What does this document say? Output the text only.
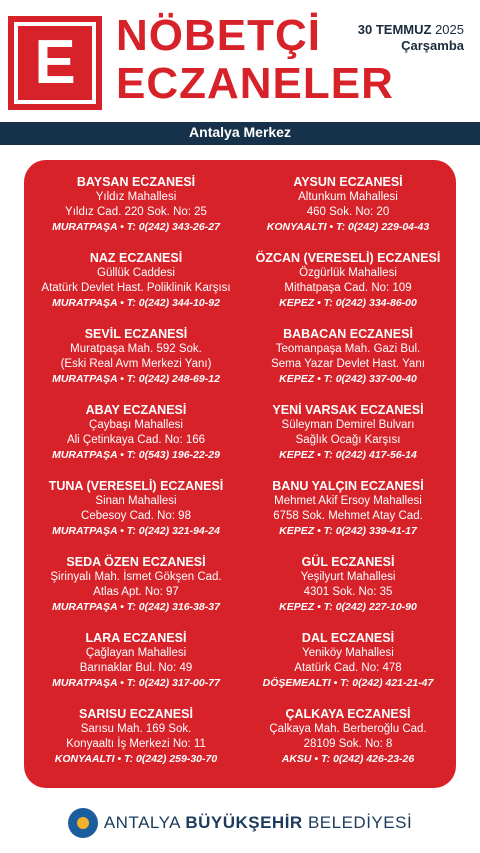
E NÖBETÇİ
ECZANELER
30 TEMMUZ 2025
Çarşamba
Antalya Merkez
BAYSAN ECZANESİ
Yıldız Mahallesi
Yıldız Cad. 220 Sok. No: 25
MURATPAŞA • T: 0(242) 343-26-27
NAZ ECZANESİ
Güllük Caddesi
Atatürk Devlet Hast. Poliklinik Karşısı
MURATPAŞA • T: 0(242) 344-10-92
SEVİL ECZANESİ
Muratpaşa Mah. 592 Sok.
(Eski Real Avm Merkezi Yanı)
MURATPAŞA • T: 0(242) 248-69-12
ABAY ECZANESİ
Çaybaşı Mahallesi
Ali Çetinkaya Cad. No: 166
MURATPAŞA • T: 0(543) 196-22-29
TUNA (VERESELİ) ECZANESİ
Sinan Mahallesi
Cebesoy Cad. No: 98
MURATPAŞA • T: 0(242) 321-94-24
SEDA ÖZEN ECZANESİ
Şirinyalı Mah. İsmet Gökşen Cad.
Atlas Apt. No: 97
MURATPAŞA • T: 0(242) 316-38-37
LARA ECZANESİ
Çağlayan Mahallesi
Barınaklar Bul. No: 49
MURATPAŞA • T: 0(242) 317-00-77
SARISU ECZANESİ
Sarısu Mah. 169 Sok.
Konyaaltı İş Merkezi No: 11
KONYAALTI • T: 0(242) 259-30-70
AYSUN ECZANESİ
Altunkum Mahallesi
460 Sok. No: 20
KONYAALTI • T: 0(242) 229-04-43
ÖZCAN (VERESELİ) ECZANESİ
Özgürlük Mahallesi
Mithatpaşa Cad. No: 109
KEPEZ • T: 0(242) 334-86-00
BABACAN ECZANESİ
Teomanpaşa Mah. Gazi Bul.
Sema Yazar Devlet Hast. Yanı
KEPEZ • T: 0(242) 337-00-40
YENİ VARSAK ECZANESİ
Süleyman Demirel Bulvarı
Sağlık Ocağı Karşısı
KEPEZ • T: 0(242) 417-56-14
BANU YALÇIN ECZANESİ
Mehmet Akif Ersoy Mahallesi
6758 Sok. Mehmet Atay Cad.
KEPEZ • T: 0(242) 339-41-17
GÜL ECZANESİ
Yeşilyurt Mahallesi
4301 Sok. No: 35
KEPEZ • T: 0(242) 227-10-90
DAL ECZANESİ
Yeniköy Mahallesi
Atatürk Cad. No: 478
DÖŞEMEALTI • T: 0(242) 421-21-47
ÇALKAYA ECZANESİ
Çalkaya Mah. Berberoğlu Cad.
28109 Sok. No: 8
AKSU • T: 0(242) 426-23-26
ANTALYA BÜYÜKŞEHİR BELEDİYESİ
